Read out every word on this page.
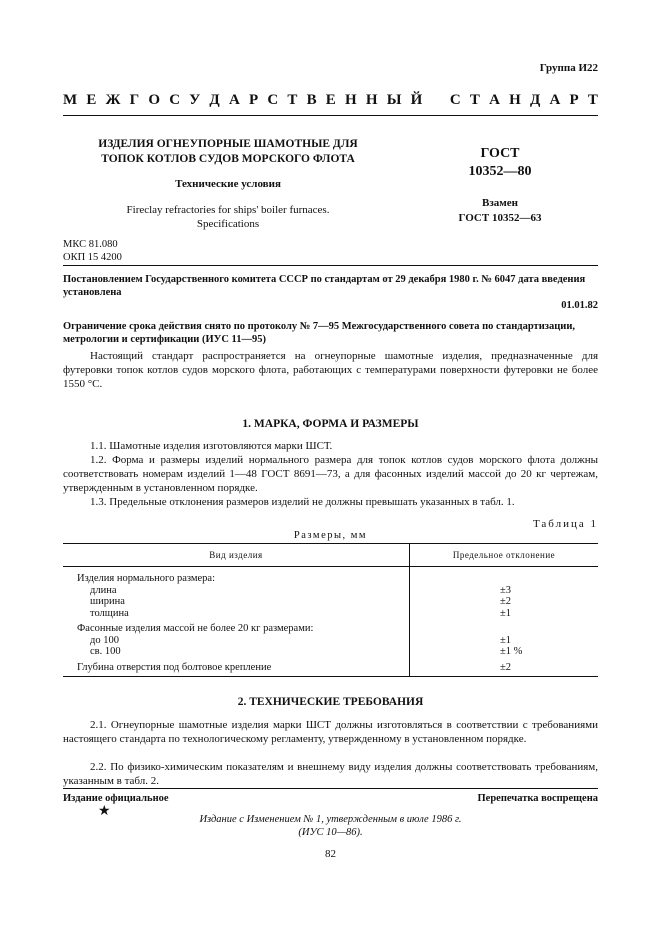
Группа И22
М Е Ж Г О С У Д А Р С Т В Е Н Н Ы Й С Т А Н Д А Р Т
ИЗДЕЛИЯ ОГНЕУПОРНЫЕ ШАМОТНЫЕ ДЛЯ
ТОПОК КОТЛОВ СУДОВ МОРСКОГО ФЛОТА
Технические условия
Fireclay refractories for ships' boiler furnaces.
Specifications
ГОСТ
10352—80
Взамен
ГОСТ 10352—63
МКС 81.080
ОКП 15 4200
Постановлением Государственного комитета СССР по стандартам от 29 декабря 1980 г. № 6047 дата введения установлена
01.01.82
Ограничение срока действия снято по протоколу № 7—95 Межгосударственного совета по стандартизации, метрологии и сертификации (ИУС 11—95)
Настоящий стандарт распространяется на огнеупорные шамотные изделия, предназначенные для футеровки топок котлов судов морского флота, работающих с температурами поверхности футеровки не более 1550 °С.
1. МАРКА, ФОРМА И РАЗМЕРЫ
1.1. Шамотные изделия изготовляются марки ШСТ.
1.2. Форма и размеры изделий нормального размера для топок котлов судов морского флота должны соответствовать номерам изделий 1—48 ГОСТ 8691—73, а для фасонных изделий массой до 20 кг чертежам, утвержденным в установленном порядке.
1.3. Предельные отклонения размеров изделий не должны превышать указанных в табл. 1.
Таблица 1
Размеры, мм
Вид изделия	Предельное отклонение
Изделия нормального размера:	
длина	±3
ширина	±2
толщина	±1
Фасонные изделия массой не более 20 кг размерами:	
до 100	±1
св. 100	±1 %
Глубина отверстия под болтовое крепление	±2
2. ТЕХНИЧЕСКИЕ ТРЕБОВАНИЯ
2.1. Огнеупорные шамотные изделия марки ШСТ должны изготовляться в соответствии с требованиями настоящего стандарта по технологическому регламенту, утвержденному в установленном порядке.
2.2. По физико-химическим показателям и внешнему виду изделия должны соответствовать требованиям, указанным в табл. 2.
Издание официальное	Перепечатка воспрещена
★
Издание с Изменением № 1, утвержденным в июле 1986 г.
(ИУС 10—86).
82
